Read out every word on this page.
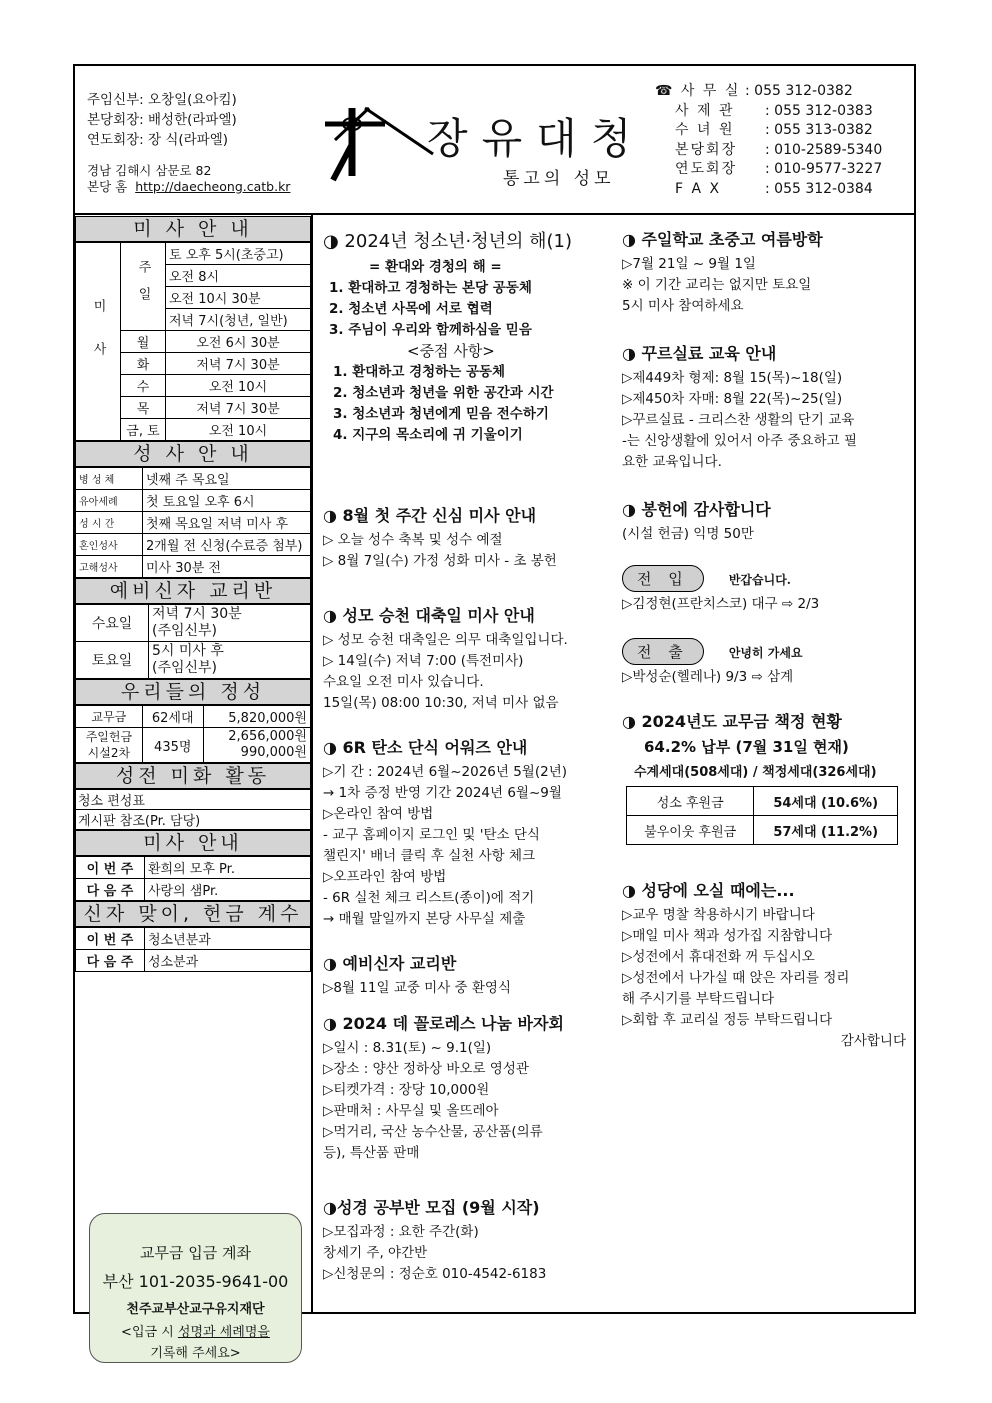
주임신부: 오창일(요아킴)
본당회장: 배성한(라파엘)
연도회장: 장 식(라파엘)
경남 김해시 삼문로 82
본당 홈 http://daecheong.catb.kr
장유대청
통고의 성모
☎ 사 무 실 : 055 312-0382
사 제 관	: 055 312-0383
수 녀 원	: 055 313-0382
본당회장	: 010-2589-5340
연도회장	: 010-9577-3227
F A X	: 055 312-0384
미 사 안 내
미사	주일	토 오후 5시(초중고)
		오전 8시
		오전 10시 30분
		저녁 7시(청년, 일반)
	월	오전 6시 30분
	화	저녁 7시 30분
	수	오전 10시
	목	저녁 7시 30분
	금, 토	오전 10시
성 사 안 내
병 성 체	넷째 주 목요일
유아세례	첫 토요일 오후 6시
성 시 간	첫째 목요일 저녁 미사 후
혼인성사	2개월 전 신청(수료증 첨부)
고해성사	미사 30분 전
예비신자 교리반
수요일	저녁 7시 30분
(주임신부)

토요일	5시 미사 후
(주임신부)
우리들의 정성
교무금	62세대	5,820,000원
주일헌금
시설2차	435명	2,656,000원
990,000원
성전 미화 활동
청소 편성표
게시판 참조(Pr. 담당)
미사 안내
이 번 주	환희의 모후 Pr.
다 음 주	사랑의 샘Pr.
신자 맞이, 헌금 계수
이 번 주	청소년분과
다 음 주	성소분과
교무금 입금 계좌
부산 101-2035-9641-00
천주교부산교구유지재단
<입금 시 성명과 세례명을
기록해 주세요>
◑ 2024년 청소년·청년의 해(1)
= 환대와 경청의 해 =
1. 환대하고 경청하는 본당 공동체
2. 청소년 사목에 서로 협력
3. 주님이 우리와 함께하심을 믿음
<중점 사항>
1. 환대하고 경청하는 공동체
2. 청소년과 청년을 위한 공간과 시간
3. 청소년과 청년에게 믿음 전수하기
4. 지구의 목소리에 귀 기울이기
◑ 8월 첫 주간 신심 미사 안내
▷ 오늘 성수 축복 및 성수 예절
▷ 8월 7일(수) 가정 성화 미사 - 초 봉헌
◑ 성모 승천 대축일 미사 안내
▷ 성모 승천 대축일은 의무 대축일입니다.
▷ 14일(수) 저녁 7:00 (특전미사)
수요일 오전 미사 있습니다.
15일(목) 08:00 10:30, 저녁 미사 없음
◑ 6R 탄소 단식 어워즈 안내
▷기 간 : 2024년 6월~2026년 5월(2년)
→ 1차 증정 반영 기간 2024년 6월~9월
▷온라인 참여 방법
- 교구 홈페이지 로그인 및 '탄소 단식
챌린지' 배너 클릭 후 실천 사항 체크
▷오프라인 참여 방법
- 6R 실천 체크 리스트(종이)에 적기
→ 매월 말일까지 본당 사무실 제출
◑ 예비신자 교리반
▷8월 11일 교중 미사 중 환영식
◑ 2024 데 꼴로레스 나눔 바자회
▷일시 : 8.31(토) ~ 9.1(일)
▷장소 : 양산 정하상 바오로 영성관
▷티켓가격 : 장당 10,000원
▷판매처 : 사무실 및 올뜨레아
▷먹거리, 국산 농수산물, 공산품(의류
등), 특산품 판매
◑성경 공부반 모집 (9월 시작)
▷모집과정 : 요한 주간(화)
창세기 주, 야간반
▷신청문의 : 정순호 010-4542-6183
◑ 주일학교 초중고 여름방학
▷7월 21일 ~ 9월 1일
※ 이 기간 교리는 없지만 토요일
5시 미사 참여하세요
◑ 꾸르실료 교육 안내
▷제449차 형제: 8월 15(목)~18(일)
▷제450차 자매: 8월 22(목)~25(일)
▷꾸르실료 - 크리스찬 생활의 단기 교육
-는 신앙생활에 있어서 아주 중요하고 필
요한 교육입니다.
◑ 봉헌에 감사합니다
(시설 헌금) 익명 50만
전 입	반갑습니다.
▷김정현(프란치스코) 대구 ⇨ 2/3
전 출	안녕히 가세요
▷박성순(헬레나) 9/3 ⇨ 삼계
◑ 2024년도 교무금 책정 현황
64.2% 납부 (7월 31일 현재)
수계세대(508세대) / 책정세대(326세대)
성소 후원금	54세대 (10.6%)
불우이웃 후원금	57세대 (11.2%)
◑ 성당에 오실 때에는...
▷교우 명찰 착용하시기 바랍니다
▷매일 미사 책과 성가집 지참합니다
▷성전에서 휴대전화 꺼 두십시오
▷성전에서 나가실 때 앉은 자리를 정리
해 주시기를 부탁드립니다
▷회합 후 교리실 정등 부탁드립니다
감사합니다
